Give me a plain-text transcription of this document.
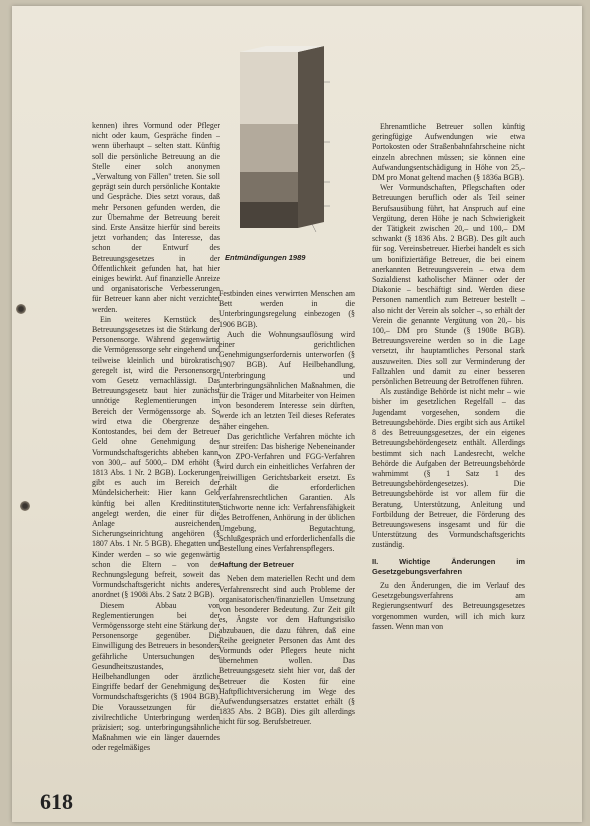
Entmündigungen 1989

kennen) ihres Vormund oder Pfleger nicht oder kaum, Gespräche finden – wenn überhaupt – selten statt. Künftig soll die persönliche Betreuung an die Stelle einer solch anonymen „Verwaltung von Fällen" treten. Sie soll geprägt sein durch persönliche Kontakte und Gespräche. Dies setzt voraus, daß mehr Personen gefunden werden, die zur Übernahme der Betreuung bereit sind. Erste Ansätze hierfür sind bereits jetzt vorhanden; das Interesse, das schon der Entwurf des Betreuungsgesetzes in der Öffentlichkeit gefunden hat, hat hier einiges bewirkt. Auf finanzielle Anreize und organisatorische Verbesserungen für Betreuer kann aber nicht verzichtet werden.

Ein weiteres Kernstück des Betreuungsgesetzes ist die Stärkung der Personensorge. Während gegenwärtig die Vermögenssorge sehr eingehend und teilweise kleinlich und bürokratisch geregelt ist, wird die Personensorge vom Gesetz vernachlässigt. Das Betreuungsgesetz baut hier zunächst unnötige Reglementierungen im Bereich der Vermögenssorge ab. So wird etwa die Obergrenze des Kontostandes, bei dem der Betreuer Geld ohne Genehmigung des Vormundschaftsgerichts abheben kann, von 300,– auf 5000,– DM erhöht (§ 1813 Abs. 1 Nr. 2 BGB). Lockerungen gibt es auch im Bereich der Mündelsicherheit: Hier kann Geld künftig bei allen Kreditinstituten angelegt werden, die einer für die Anlage ausreichenden Sicherungseinrichtung angehören (§ 1807 Abs. 1 Nr. 5 BGB). Ehegatten und Kinder werden – so wie gegenwärtig schon die Eltern – von der Rechnungslegung befreit, soweit das Vormundschaftsgericht nichts anderes anordnet (§ 1908i Abs. 2 Satz 2 BGB).

Diesem Abbau von Reglementierungen bei der Vermögenssorge steht eine Stärkung der Personensorge gegenüber. Die Einwilligung des Betreuers in besonders gefährliche Untersuchungen des Gesundheitszustandes, Heilbehandlungen oder ärztliche Eingriffe bedarf der Genehmigung des Vormundschaftsgerichts (§ 1904 BGB). Die Voraussetzungen für die zivilrechtliche Unterbringung werden präzisiert; sog. unterbringungsähnliche Maßnahmen wie ein länger dauerndes oder regelmäßiges

Festbinden eines verwirrten Menschen am Bett werden in die Unterbringungsregelung einbezogen (§ 1906 BGB).

Auch die Wohnungsauflösung wird einer gerichtlichen Genehmigungserfordernis unterworfen (§ 1907 BGB). Auf Heilbehandlung, Unterbringung und unterbringungsähnlichen Maßnahmen, die für die Träger und Mitarbeiter von Heimen von besonderem Interesse sein dürften, werde ich an letzten Teil dieses Referates näher eingehen.

Das gerichtliche Verfahren möchte ich nur streifen: Das bisherige Nebeneinander von ZPO-Verfahren und FGG-Verfahren wird durch ein einheitliches Verfahren der freiwilligen Gerichtsbarkeit ersetzt. Es erhält die erforderlichen verfahrensrechtlichen Garantien. Als Stichworte nenne ich: Verfahrensfähigkeit des Betroffenen, Anhörung in der üblichen Umgebung, Begutachtung, Schlußgespräch und erforderlichenfalls die Bestellung eines Verfahrenspflegers.

Haftung der Betreuer

Neben dem materiellen Recht und dem Verfahrensrecht sind auch Probleme der organisatorischen/finanziellen Umsetzung von besonderer Bedeutung. Zur Zeit gilt es, Ängste vor dem Haftungsrisiko abzubauen, die dazu führen, daß eine Reihe geeigneter Personen das Amt des Vormunds oder Pflegers heute nicht übernehmen wollen. Das Betreuungsgesetz sieht hier vor, daß der Betreuer die Kosten für eine Haftpflichtversicherung im Wege des Aufwendungsersatzes erstattet erhält (§ 1835 Abs. 2 BGB). Dies gilt allerdings nicht für sog. Berufsbetreuer.

Ehrenamtliche Betreuer sollen künftig geringfügige Aufwendungen wie etwa Portokosten oder Straßenbahnfahrscheine nicht einzeln abrechnen müssen; sie können eine Aufwandungsentschädigung in Höhe von 25,– DM pro Monat geltend machen (§ 1836a BGB).

Wer Vormundschaften, Pflegschaften oder Betreuungen beruflich oder als Teil seiner Berufsausübung führt, hat Anspruch auf eine Vergütung, deren Höhe je nach Schwierigkeit der Tätigkeit zwischen 20,– und 100,– DM schwankt (§ 1836 Abs. 2 BGB). Des gilt auch für sog. Vereinsbetreuer. Hierbei handelt es sich um bonifiziertäfige Betreuer, die bei einem anerkannten Betreuungsverein – etwa dem Sozialdienst katholischer Männer oder der Diakonie – beschäftigt sind. Werden diese Personen namentlich zum Betreuer bestellt – also nicht der Verein als solcher –, so erhält der Verein die genannte Vergütung von 20,– bis 100,– DM pro Stunde (§ 1908e BGB). Betreuungsvereine werden so in die Lage versetzt, ihr hauptamtliches Personal stark auszuweiten. Dies soll zur Verminderung der Fallzahlen und damit zu einer besseren persönlichen Betreuung der Betroffenen führen.

Als zuständige Behörde ist nicht mehr – wie bisher im gesetzlichen Regelfall – das Jugendamt vorgesehen, sondern die Betreuungsbehörde. Dies ergibt sich aus Artikel 8 des Betreuungsgesetzes, der ein eigenes Betreuungsbehördengesetz enthält. Allerdings bestimmt sich nach Landesrecht, welche Behörde die Aufgaben der Betreuungsbehörde wahrnimmt (§ 1 Satz 1 des Betreuungsbehördengesetzes). Die Betreuungsbehörde ist vor allem für die Beratung, Unterstützung, Anleitung und Fortbildung der Betreuer, die Förderung des Betreuungswesens insgesamt und für die Unterstützung des Vormundschaftsgerichts zuständig.

II. Wichtige Änderungen im Gesetzgebungsverfahren

Zu den Änderungen, die im Verlauf des Gesetzgebungsverfahrens am Regierungsentwurf des Betreuungsgesetzes vorgenommen wurden, will ich mich kurz fassen. Wenn man von

618
